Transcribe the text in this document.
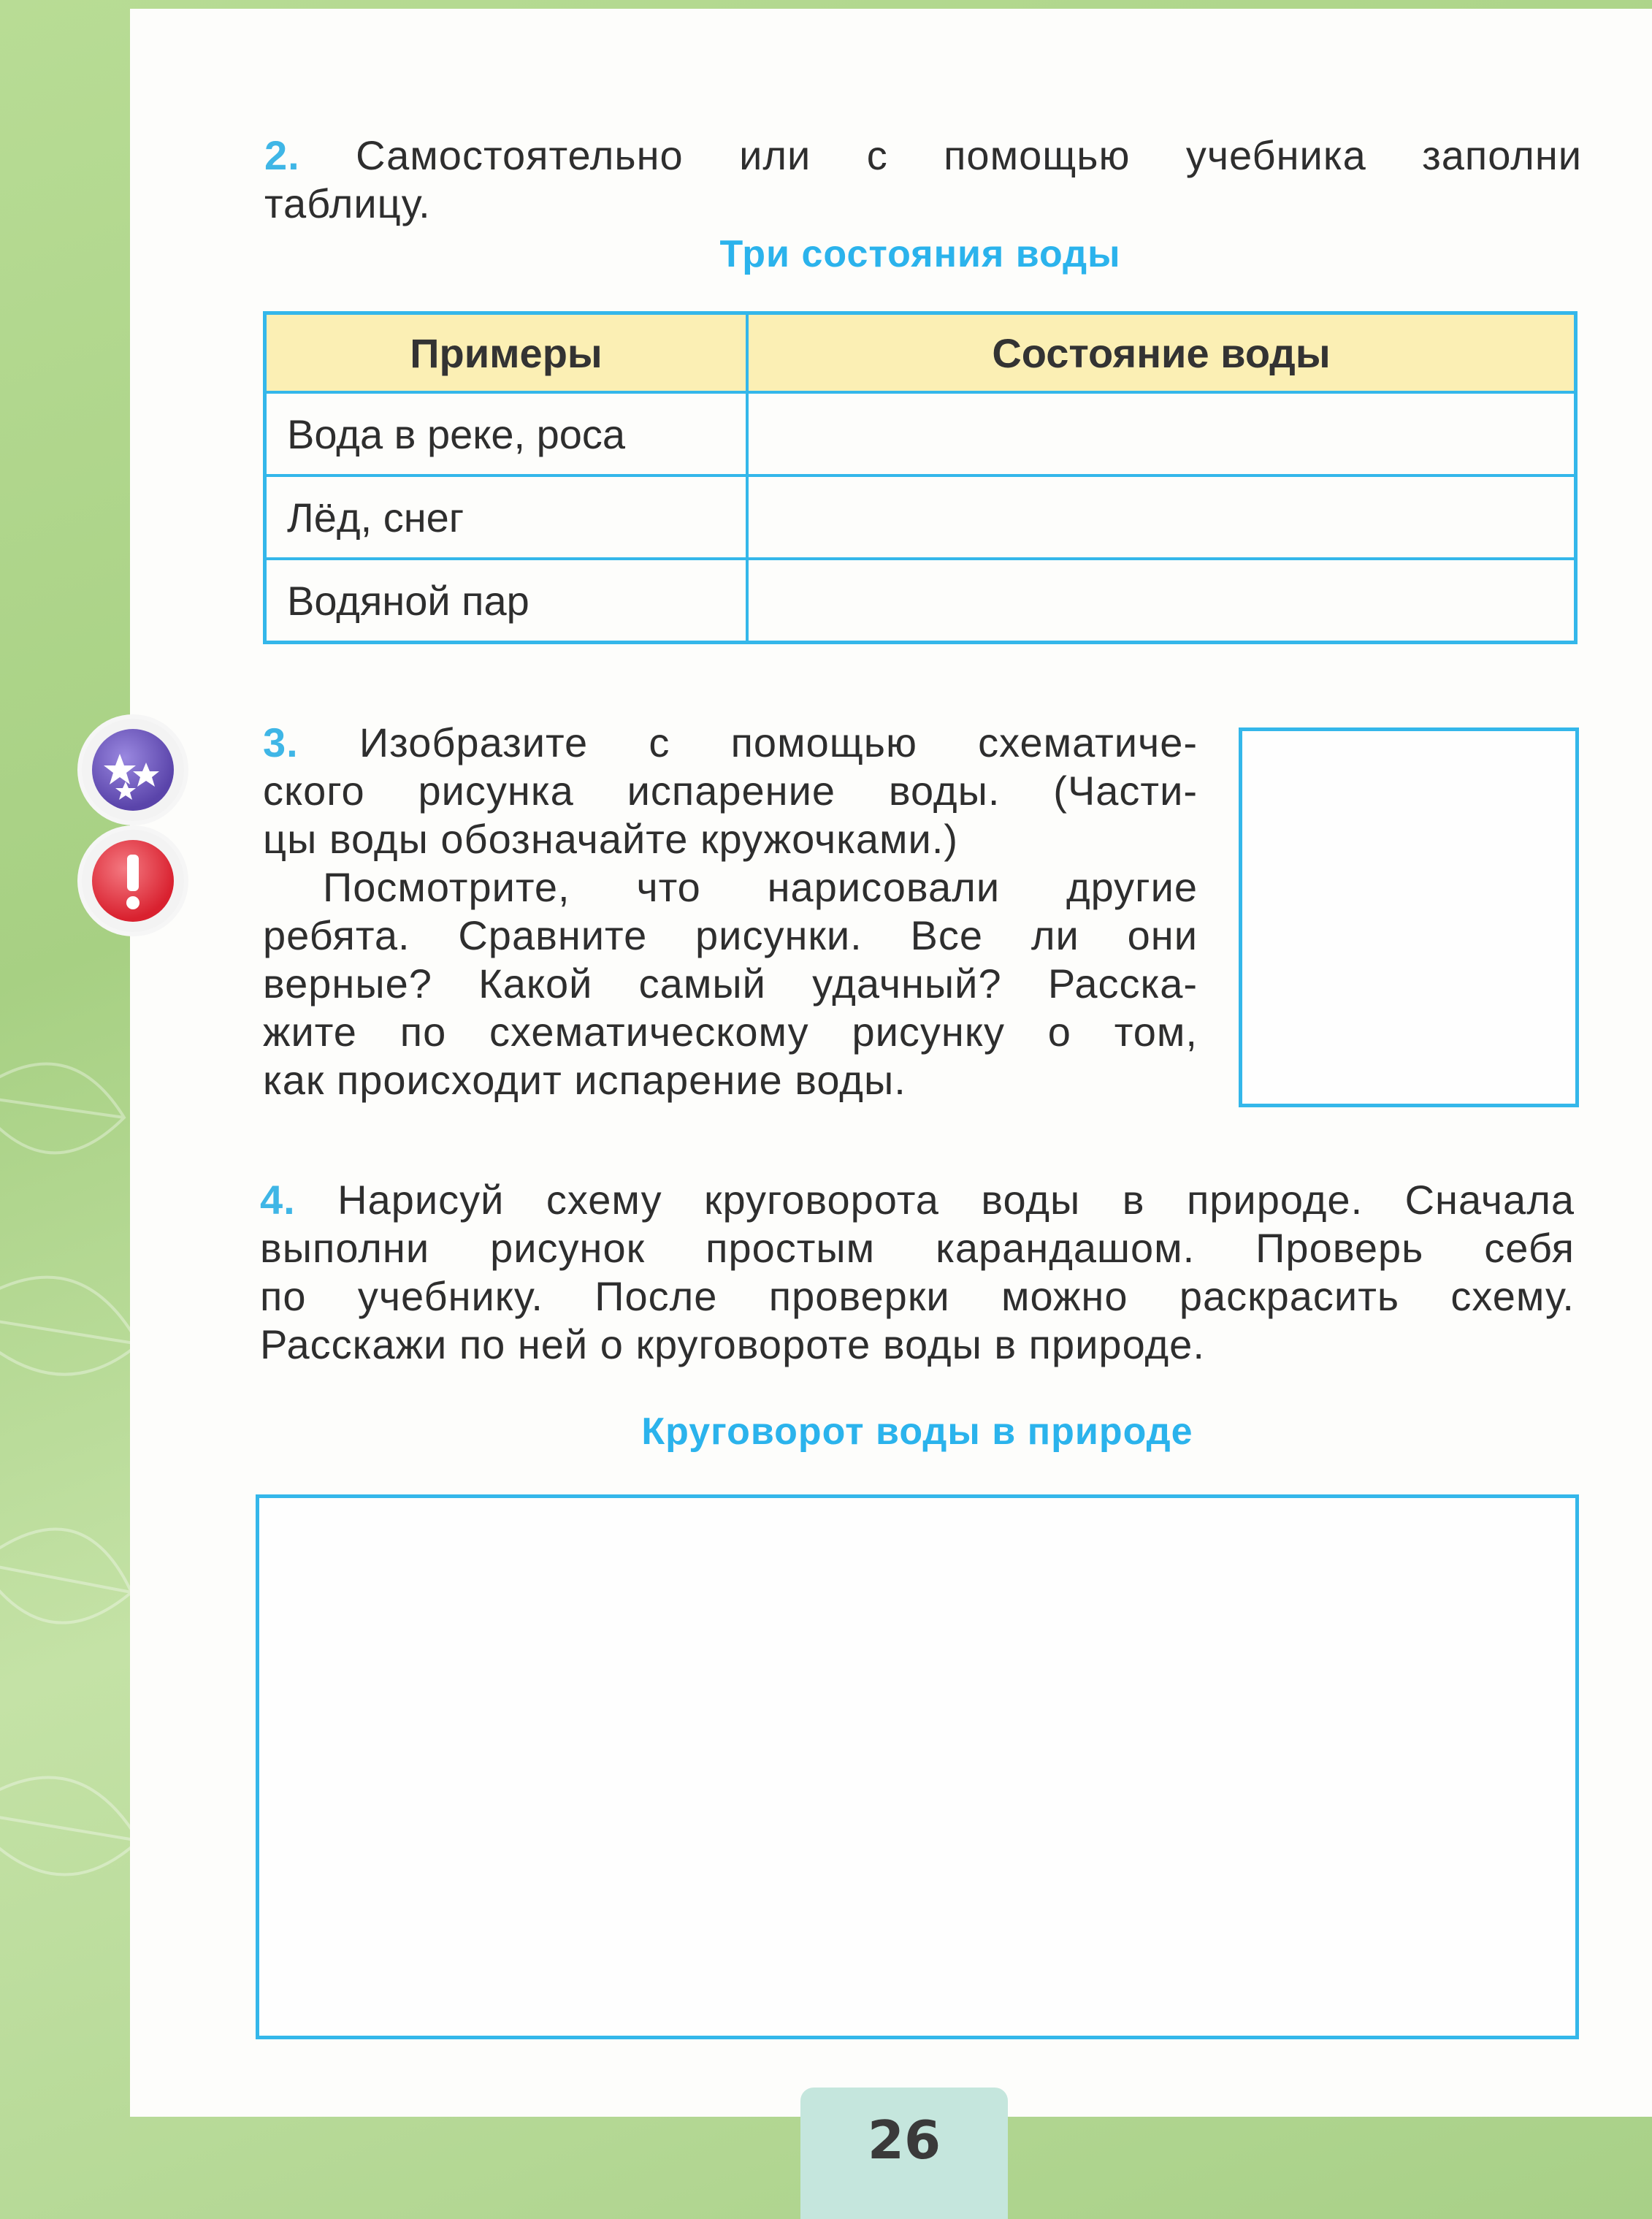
2. Самостоятельно или с помощью учебника заполни
таблицу.
Три состояния воды
Примеры	Состояние воды
Вода в реке, роса	
Лёд, снег	
Водяной пар	
3. Изобразите с помощью схематиче-
ского рисунка испарение воды. (Части-
цы воды обозначайте кружочками.)
Посмотрите, что нарисовали другие
ребята. Сравните рисунки. Все ли они
верные? Какой самый удачный? Расска-
жите по схематическому рисунку о том,
как происходит испарение воды.
4. Нарисуй схему круговорота воды в природе. Сначала
выполни рисунок простым карандашом. Проверь себя
по учебнику. После проверки можно раскрасить схему.
Расскажи по ней о круговороте воды в природе.
Круговорот воды в природе
26
